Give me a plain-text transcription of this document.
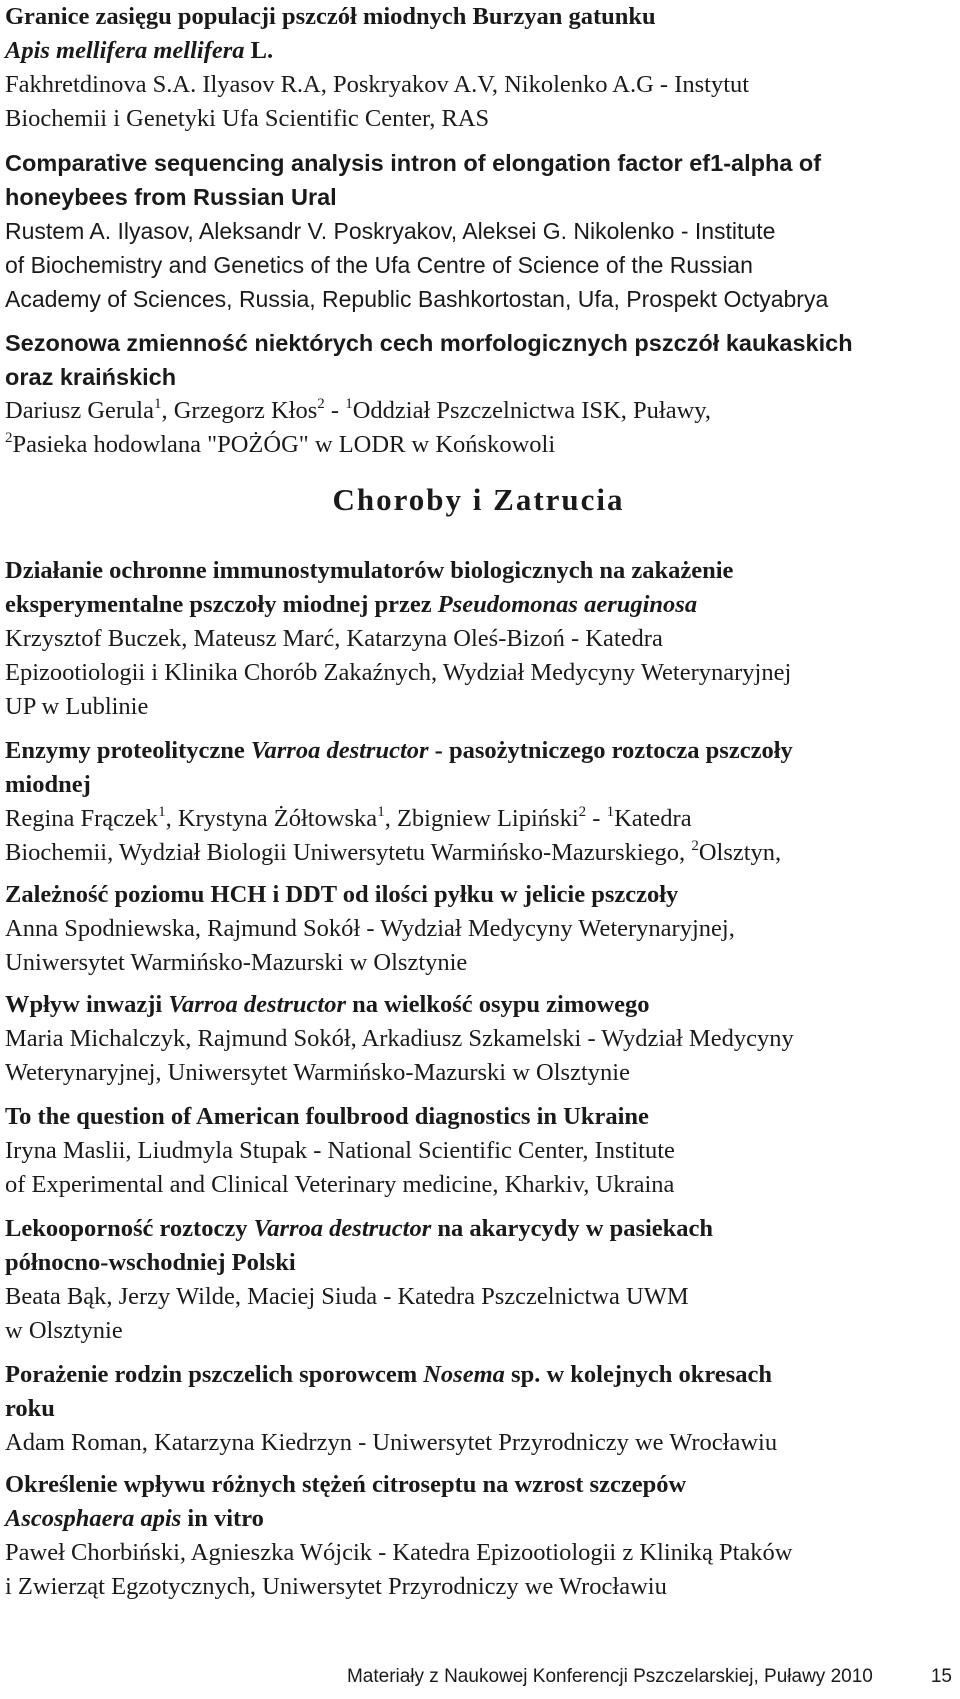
Granice zasięgu populacji pszczół miodnych Burzyan gatunku
Apis mellifera mellifera L.
Fakhretdinova S.A. Ilyasov R.A, Poskryakov A.V, Nikolenko A.G - Instytut
Biochemii i Genetyki Ufa Scientific Center, RAS
Comparative sequencing analysis intron of elongation factor ef1-alpha of
honeybees from Russian Ural
Rustem A. Ilyasov, Aleksandr V. Poskryakov, Aleksei G. Nikolenko - Institute
of Biochemistry and Genetics of the Ufa Centre of Science of the Russian
Academy of Sciences, Russia, Republic Bashkortostan, Ufa, Prospekt Octyabrya
Sezonowa zmienność niektórych cech morfologicznych pszczół kaukaskich
oraz kraińskich
Dariusz Gerula$^1$, Grzegorz Kłos$^2$ - $^1$Oddział Pszczelnictwa ISK, Puławy,
$^2$Pasieka hodowlana "POŻÓG" w LODR w Końskowoli
Choroby i Zatrucia
Działanie ochronne immunostymulatorów biologicznych na zakażenie
eksperymentalne pszczoły miodnej przez Pseudomonas aeruginosa
Krzysztof Buczek, Mateusz Marć, Katarzyna Oleś-Bizoń - Katedra
Epizootiologii i Klinika Chorób Zakaźnych, Wydział Medycyny Weterynaryjnej
UP w Lublinie
Enzymy proteolityczne Varroa destructor - pasożytniczego roztocza pszczoły
miodnej
Regina Frączek$^1$, Krystyna Żółtowska$^1$, Zbigniew Lipiński$^2$ - $^1$Katedra
Biochemii, Wydział Biologii Uniwersytetu Warmińsko-Mazurskiego, $^2$Olsztyn,
Zależność poziomu HCH i DDT od ilości pyłku w jelicie pszczoły
Anna Spodniewska, Rajmund Sokół - Wydział Medycyny Weterynaryjnej,
Uniwersytet Warmińsko-Mazurski w Olsztynie
Wpływ inwazji Varroa destructor na wielkość osypu zimowego
Maria Michalczyk, Rajmund Sokół, Arkadiusz Szkamelski - Wydział Medycyny
Weterynaryjnej, Uniwersytet Warmińsko-Mazurski w Olsztynie
To the question of American foulbrood diagnostics in Ukraine
Iryna Maslii, Liudmyla Stupak - National Scientific Center, Institute
of Experimental and Clinical Veterinary medicine, Kharkiv, Ukraina
Lekooporność roztoczy Varroa destructor na akarycydy w pasiekach
północno-wschodniej Polski
Beata Bąk, Jerzy Wilde, Maciej Siuda - Katedra Pszczelnictwa UWM
w Olsztynie
Porażenie rodzin pszczelich sporowcem Nosema sp. w kolejnych okresach
roku
Adam Roman, Katarzyna Kiedrzyn - Uniwersytet Przyrodniczy we Wrocławiu
Określenie wpływu różnych stężeń citroseptu na wzrost szczepów
Ascosphaera apis in vitro
Paweł Chorbiński, Agnieszka Wójcik - Katedra Epizootiologii z Kliniką Ptaków
i Zwierząt Egzotycznych, Uniwersytet Przyrodniczy we Wrocławiu
Materiały z Naukowej Konferencji Pszczelarskiej, Puławy 2010	15
